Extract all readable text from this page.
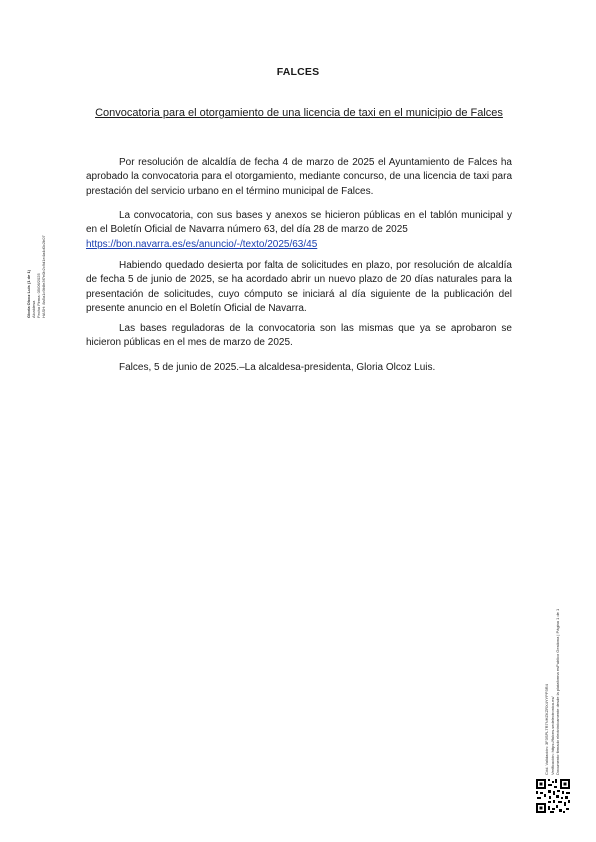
FALCES
Convocatoria para el otorgamiento de una licencia de taxi en el municipio de Falces

Por resolución de alcaldía de fecha 4 de marzo de 2025 el Ayuntamiento de Falces ha aprobado la convocatoria para el otorgamiento, mediante concurso, de una licencia de taxi para prestación del servicio urbano en el término municipal de Falces.

La convocatoria, con sus bases y anexos se hicieron públicas en el tablón municipal y en el Boletín Oficial de Navarra número 63, del día 28 de marzo de 2025
https://bon.navarra.es/es/anuncio/-/texto/2025/63/45

Habiendo quedado desierta por falta de solicitudes en plazo, por resolución de alcaldía de fecha 5 de junio de 2025, se ha acordado abrir un nuevo plazo de 20 días naturales para la presentación de solicitudes, cuyo cómputo se iniciará al día siguiente de la publicación del presente anuncio en el Boletín Oficial de Navarra.

Las bases reguladoras de la convocatoria son las mismas que ya se aprobaron se hicieron públicas en el mes de marzo de 2025.

Falces, 5 de junio de 2025.–La alcaldesa-presidenta, Gloria Olcoz Luis.

Gloria Olcoz Luis (1 de 1) Alcaldesa Fecha Firma: 05/06/2025 HASH: 8a5a1c9b8e3f7e0b2c9d1e4a4d0c2b07
Cód. Validación: 3F3SPL7R7NHZKZRX4YYPP3R4 Verificación: https://falces.sedelectronica.es/ Documento firmado electrónicamente desde la plataforma esPublico Gestiona | Página 1 de 1
